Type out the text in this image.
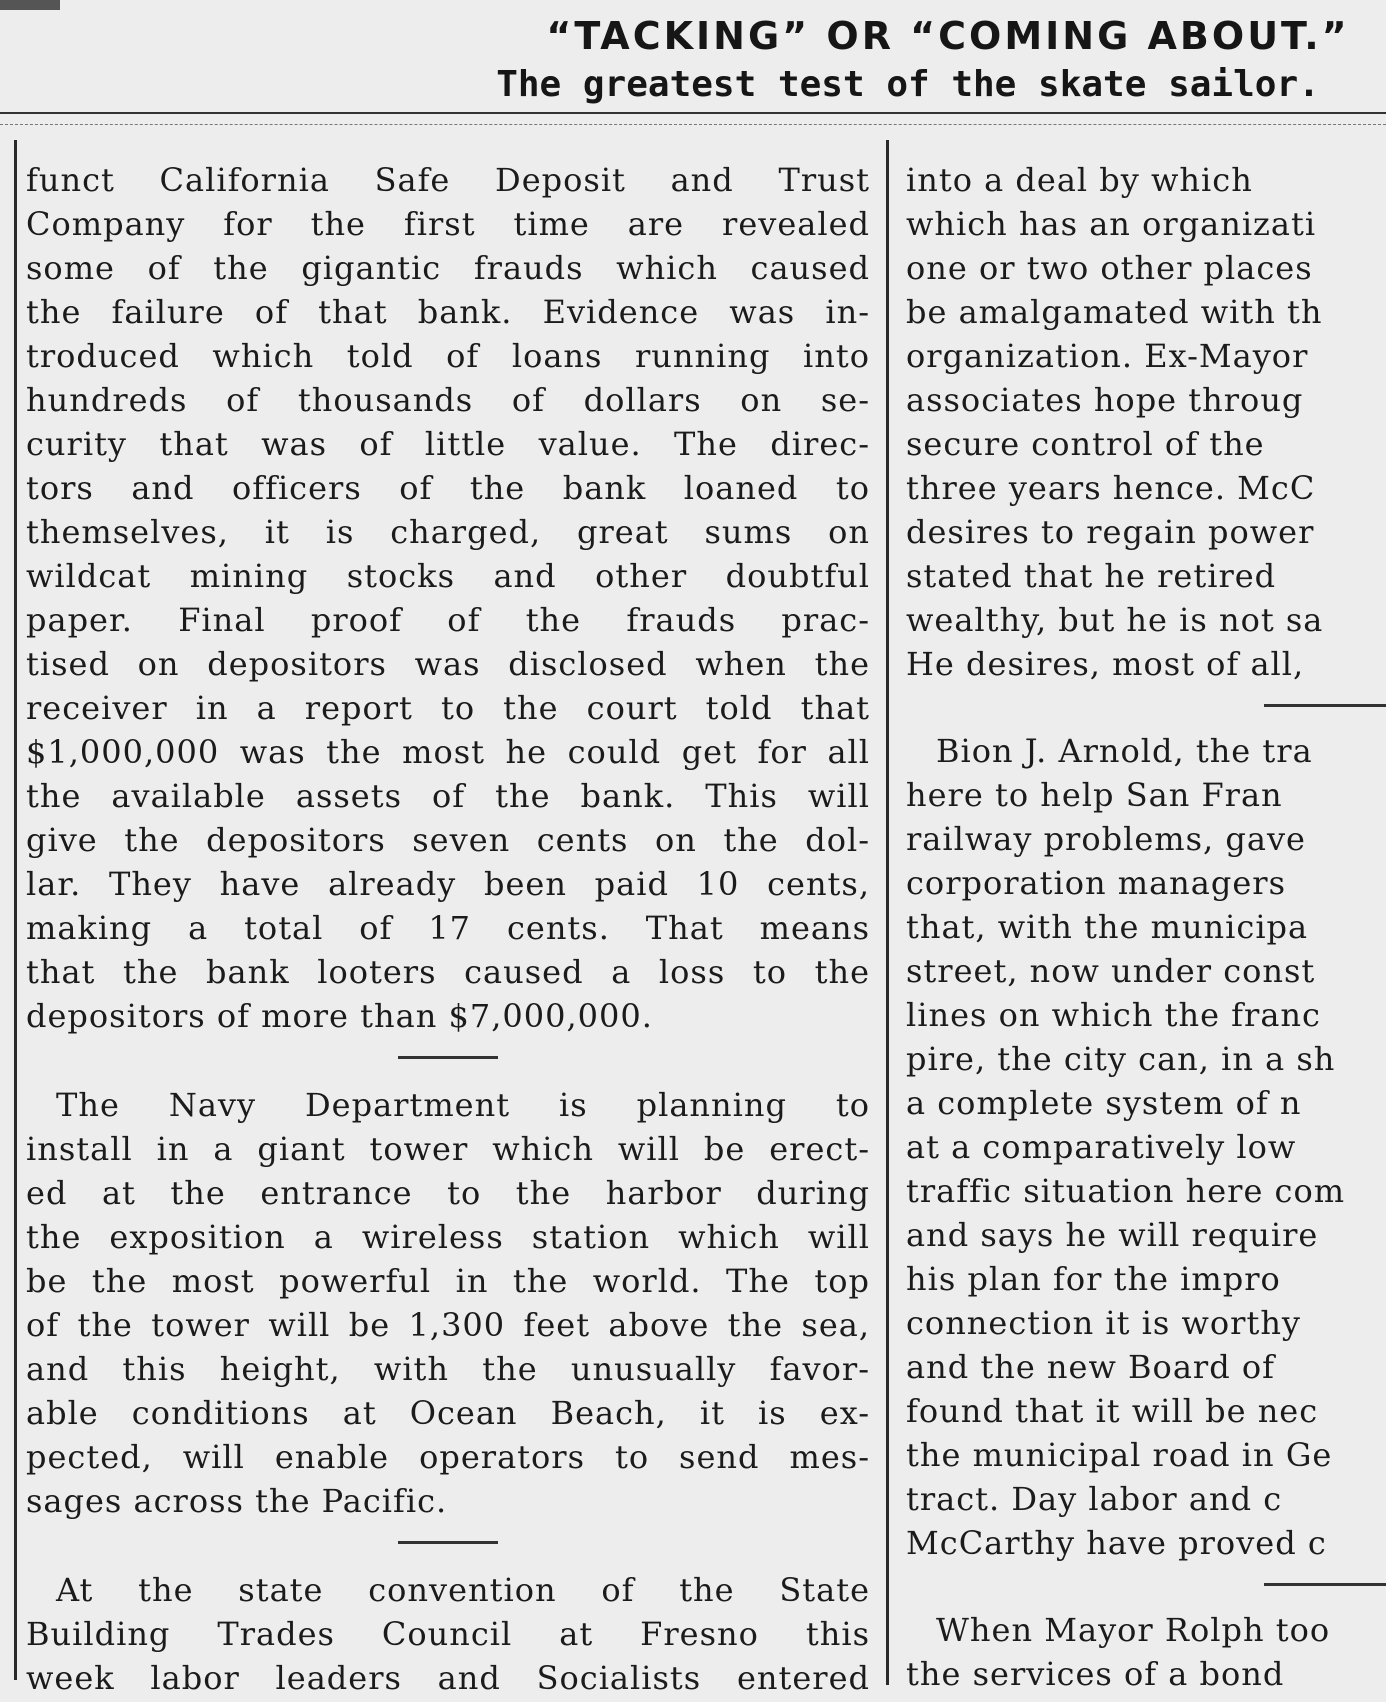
“TACKING” OR “COMING ABOUT.”
The greatest test of the skate sailor.
funct California Safe Deposit and Trust
Company for the first time are revealed
some of the gigantic frauds which caused
the failure of that bank. Evidence was in-
troduced which told of loans running into
hundreds of thousands of dollars on se-
curity that was of little value. The direc-
tors and officers of the bank loaned to
themselves, it is charged, great sums on
wildcat mining stocks and other doubtful
paper. Final proof of the frauds prac-
tised on depositors was disclosed when the
receiver in a report to the court told that
$1,000,000 was the most he could get for all
the available assets of the bank. This will
give the depositors seven cents on the dol-
lar. They have already been paid 10 cents,
making a total of 17 cents. That means
that the bank looters caused a loss to the
depositors of more than $7,000,000.
The Navy Department is planning to
install in a giant tower which will be erect-
ed at the entrance to the harbor during
the exposition a wireless station which will
be the most powerful in the world. The top
of the tower will be 1,300 feet above the sea,
and this height, with the unusually favor-
able conditions at Ocean Beach, it is ex-
pected, will enable operators to send mes-
sages across the Pacific.
At the state convention of the State
Building Trades Council at Fresno this
week labor leaders and Socialists entered
into a deal by which
which has an organizati
one or two other places
be amalgamated with th
organization. Ex-Mayor
associates hope throug
secure control of the
three years hence. McC
desires to regain power
stated that he retired
wealthy, but he is not sa
He desires, most of all,
Bion J. Arnold, the tra
here to help San Fran
railway problems, gave
corporation managers
that, with the municipa
street, now under const
lines on which the franc
pire, the city can, in a sh
a complete system of n
at a comparatively low
traffic situation here com
and says he will require
his plan for the impro
connection it is worthy
and the new Board of
found that it will be nec
the municipal road in Ge
tract. Day labor and c
McCarthy have proved c
When Mayor Rolph too
the services of a bond
